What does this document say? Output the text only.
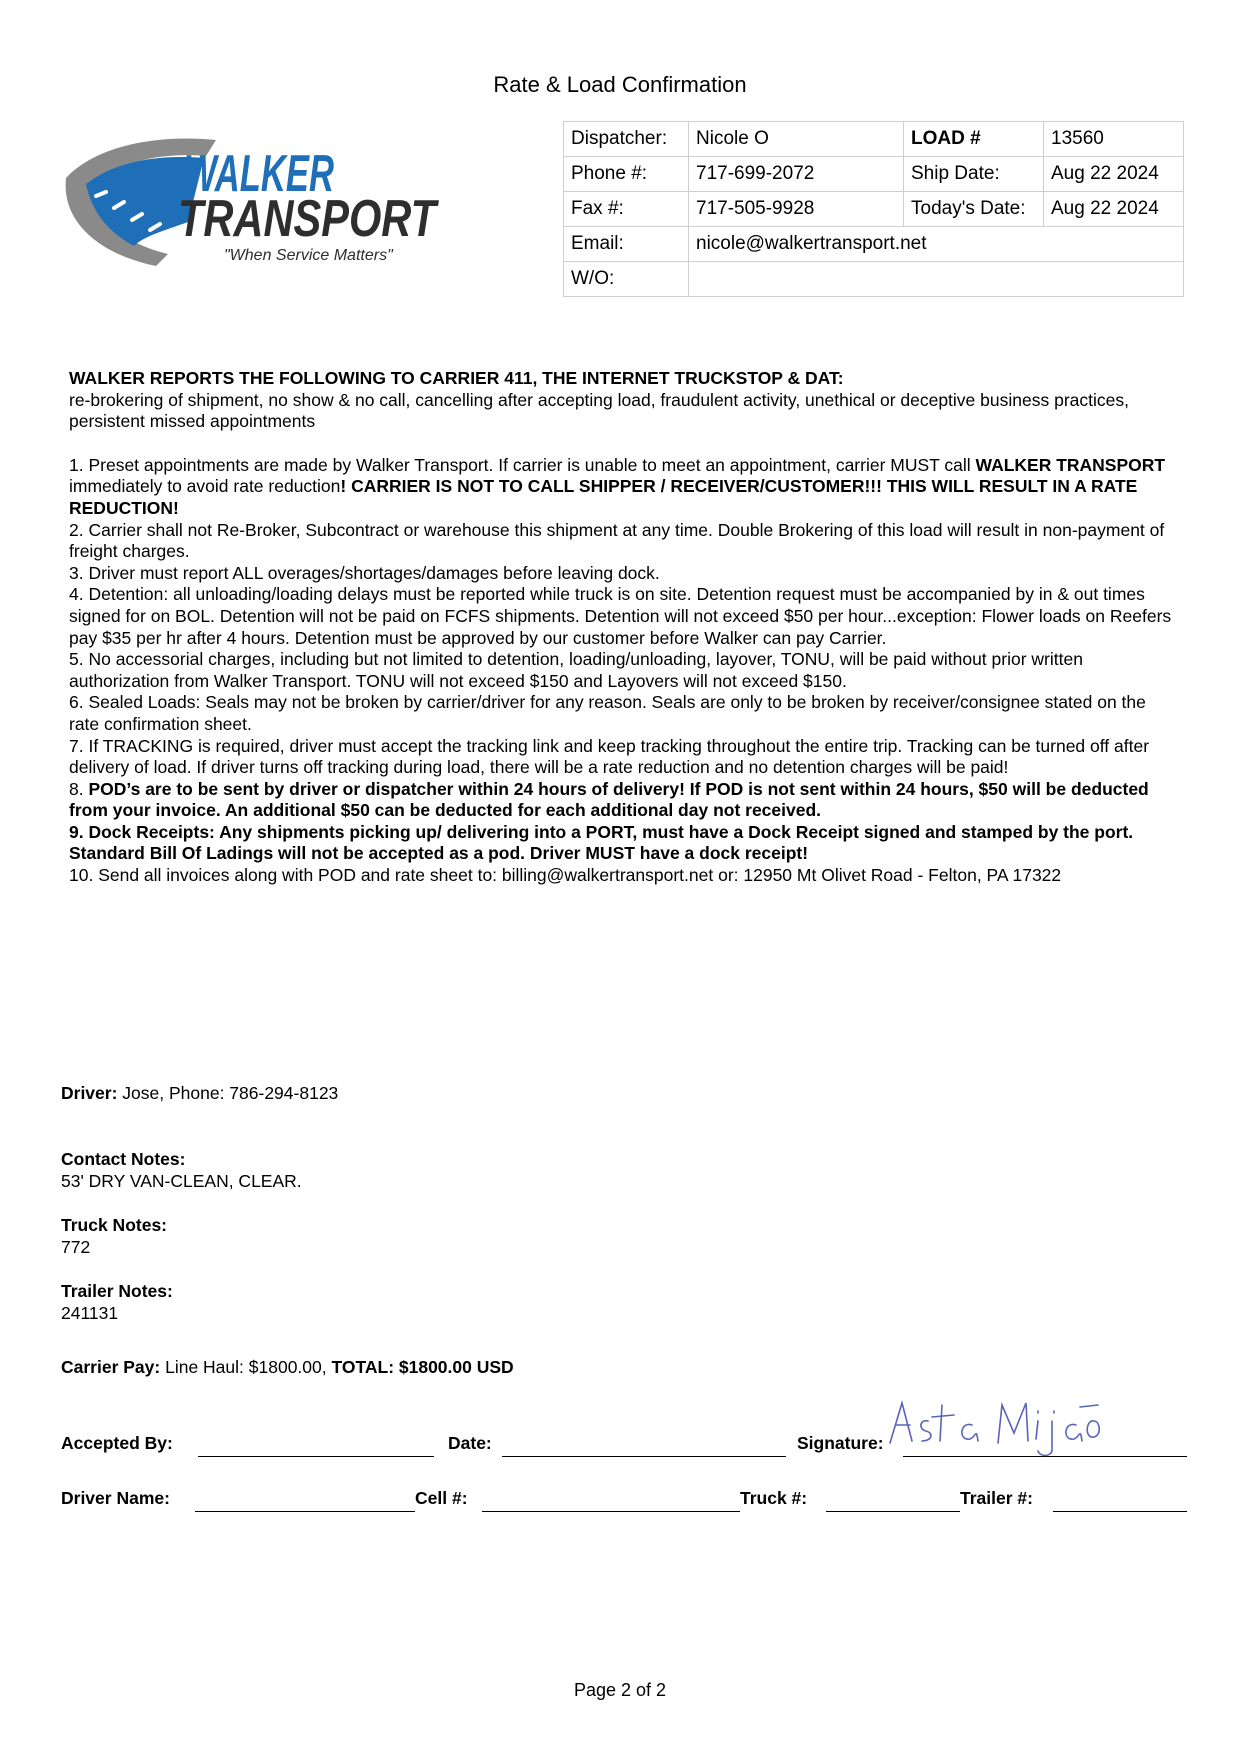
Rate & Load Confirmation
WALKER
TRANSPORT
"When Service Matters"
Dispatcher:	Nicole O	LOAD #	13560
Phone #:	717-699-2072	Ship Date:	Aug 22 2024
Fax #:	717-505-9928	Today's Date:	Aug 22 2024
Email:	nicole@walkertransport.net		
W/O:			

WALKER REPORTS THE FOLLOWING TO CARRIER 411, THE INTERNET TRUCKSTOP & DAT:

re-brokering of shipment, no show & no call, cancelling after accepting load, fraudulent activity, unethical or deceptive business practices, persistent missed appointments

1. Preset appointments are made by Walker Transport. If carrier is unable to meet an appointment, carrier MUST call WALKER TRANSPORT immediately to avoid rate reduction! CARRIER IS NOT TO CALL SHIPPER / RECEIVER/CUSTOMER!!! THIS WILL RESULT IN A RATE REDUCTION!

2. Carrier shall not Re-Broker, Subcontract or warehouse this shipment at any time. Double Brokering of this load will result in non-payment of freight charges.

3. Driver must report ALL overages/shortages/damages before leaving dock.

4. Detention: all unloading/loading delays must be reported while truck is on site. Detention request must be accompanied by in & out times signed for on BOL. Detention will not be paid on FCFS shipments. Detention will not exceed $50 per hour...exception: Flower loads on Reefers pay $35 per hr after 4 hours. Detention must be approved by our customer before Walker can pay Carrier.

5. No accessorial charges, including but not limited to detention, loading/unloading, layover, TONU, will be paid without prior written authorization from Walker Transport. TONU will not exceed $150 and Layovers will not exceed $150.

6. Sealed Loads: Seals may not be broken by carrier/driver for any reason. Seals are only to be broken by receiver/consignee stated on the rate confirmation sheet.

7. If TRACKING is required, driver must accept the tracking link and keep tracking throughout the entire trip. Tracking can be turned off after delivery of load. If driver turns off tracking during load, there will be a rate reduction and no detention charges will be paid!

8. POD’s are to be sent by driver or dispatcher within 24 hours of delivery! If POD is not sent within 24 hours, $50 will be deducted from your invoice. An additional $50 can be deducted for each additional day not received.

9. Dock Receipts: Any shipments picking up/ delivering into a PORT, must have a Dock Receipt signed and stamped by the port. Standard Bill Of Ladings will not be accepted as a pod. Driver MUST have a dock receipt!

10. Send all invoices along with POD and rate sheet to: billing@walkertransport.net or: 12950 Mt Olivet Road - Felton, PA 17322

Driver: Jose, Phone: 786-294-8123
Contact Notes:
53' DRY VAN-CLEAN, CLEAR.
Truck Notes:
772
Trailer Notes:
241131
Carrier Pay: Line Haul: $1800.00, TOTAL: $1800.00 USD
Accepted By:	Date:	Signature:
Driver Name:	Cell #:	Truck #:	Trailer #:
Page 2 of 2
